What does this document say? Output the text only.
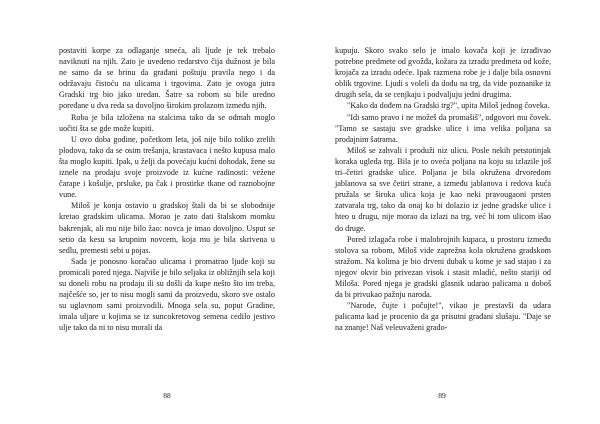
postaviti korpe za odlaganje smeća, ali ljude je tek trebalo naviknuti na njih. Zato je uvedeno redarstvo čija dužnost je bila ne samo da se brinu da građani poštuju pravila nego i da održavaju čistoću na ulicama i trgovima. Zato je ovoga jutra Gradski trg bio jako uredan. Šatre sa robom su bile uredno poređane u dva reda sa dovoljno širokim prolazom između njih.

Roba je bila izložena na stalcima tako da se odmah moglo uočiti šta se gde može kupiti.

U ovo doba godine, početkom leta, još nije bilo toliko zrelih plodova, tako da se osim trešanja, krastavaca i nešto kupusa malo šta moglo kupiti. Ipak, u želji da povećaju kućni dohodak, žene su iznele na prodaju svoje proizvode iz kućne radinosti: vežene čarape i košulje, prsluke, pa čak i prostirke tkane od raznobojne vune.

Miloš je konja ostavio u gradskoj štali da bi se slobodnije kretao gradskim ulicama. Morao je zato dati štalskom momku bakrenjak, ali mu nije bilo žao: novca je imao dovoljno. Usput se setio da kesu sa krupnim novcem, koja mu je bila skrivena u sedlu, premesti sebi u pojas.

Sada je ponosno koračao ulicama i promatrao ljude koji su promicali pored njega. Najviše je bilo seljaka iz obližnjih sela koji su doneli robu na prodaju ili su došli da kupe nešto što im treba, najčešće so, jer to nisu mogli sami da proizvedu, skoro sve ostalo su uglavnom sami proizvodili. Mnoga sela su, poput Gradine, imala uljare u kojima se iz suncokretovog semena cedilo jestivo ulje tako da ni to nisu morali da

88

kupuju. Skoro svako selo je imalo kovača koji je izrađivao potrebne predmete od gvožđa, kožara za izradu predmeta od kože, krojača za izradu odeće. Ipak razmena robe je i dalje bila osnovni oblik trgovine. Ljudi s voleli da dođu na trg, da vide poznanike iz drugih sela, da se cenjkaju i podvaljuju jedni drugima.

"Kako da dođem na Gradski trg?", upita Miloš jednog čoveka.

"Idi samo pravo i ne možeš da promašiš", odgovori mu čovek. "Tamo se sastaju sve gradske ulice i ima velika poljana sa prodajnim šatrama.

Miloš se zahvali i produži niz ulicu. Posle nekih petstotinjak koraka ugleda trg. Bila je to oveća poljana na koju su izlazile još tri–četiri gradske ulice. Poljana je bila okružena drvoredom jablanova sa sve četiri strane, a između jablanova i redova kuća pružala se široka ulica koja je kao neki pravougaoni prsten zatvarala trg, tako da onaj ko bi dolazio iz jedne gradske ulice i hteo u drugu, nije morao da izlazi na trg, već bi tom ulicom išao do druge.

Pored izlagača robe i malobrojnih kupaca, u prostoru između stolova sa robom, Miloš vide zaprežna kola okružena gradskom stražom. Na kolima je bio drveni dubak u kome je sad stajao i za njegov okvir bio privezan visok i stasit mladić, nešto stariji od Miloša. Pored njega je gradski glasnik udarao palicama u doboš da bi privukao pažnju naroda.

"Narode, čujte i počujte!", vikao je prestavši da udara palicama kad je procenio da ga prisutni građani slušaju. "Daje se na znanje! Naš veleuvaženi grado-

89
